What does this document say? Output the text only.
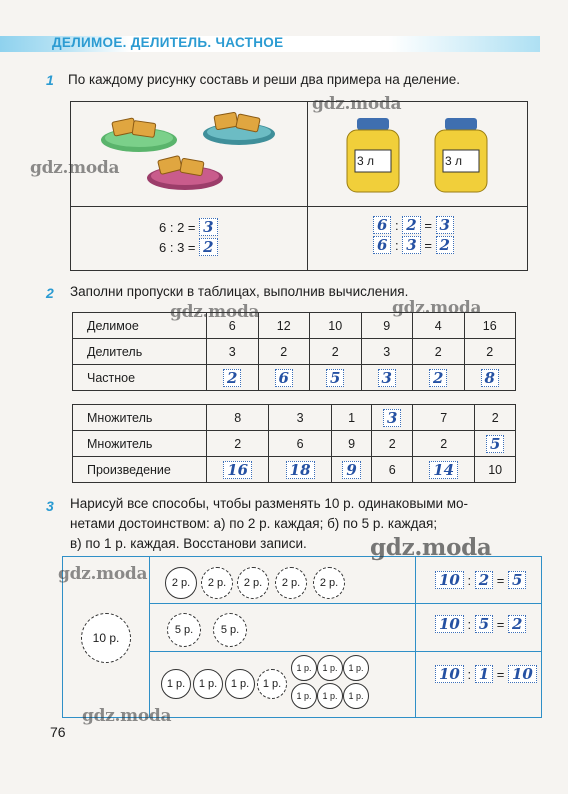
ДЕЛИМОЕ. ДЕЛИТЕЛЬ. ЧАСТНОЕ
1 По каждому рисунку составь и реши два примера на деление.
3 л	3 л
6 : 2 = 3
6 : 3 = 2
6 : 2 = 3
6 : 3 = 2
2 Заполни пропуски в таблицах, выполнив вычисления.
Делимое	6	12	10	9	4	16
Делитель	3	2	2	3	2	2
Частное	2	6	5	3	2	8
Множитель	8	3	1	3	7	2
Множитель	2	6	9	2	2	5
Произведение	16	18	9	6	14	10
3 Нарисуй все способы, чтобы разменять 10 р. одинаковыми мо-
нетами достоинством: а) по 2 р. каждая; б) по 5 р. каждая;
в) по 1 р. каждая. Восстанови записи.
10 р.
2 р.	2 р.	2 р.	2 р.	2 р.
5 р.	5 р.
1 р.	1 р.	1 р.	1 р.
1 р.	1 р.	1 р.
1 р.	1 р.	1 р.
10 : 2 = 5
10 : 5 = 2
10 : 1 = 10
gdz.moda
gdz.moda
gdz.moda	gdz.moda
gdz.moda
gdz.moda
gdz.moda
76
